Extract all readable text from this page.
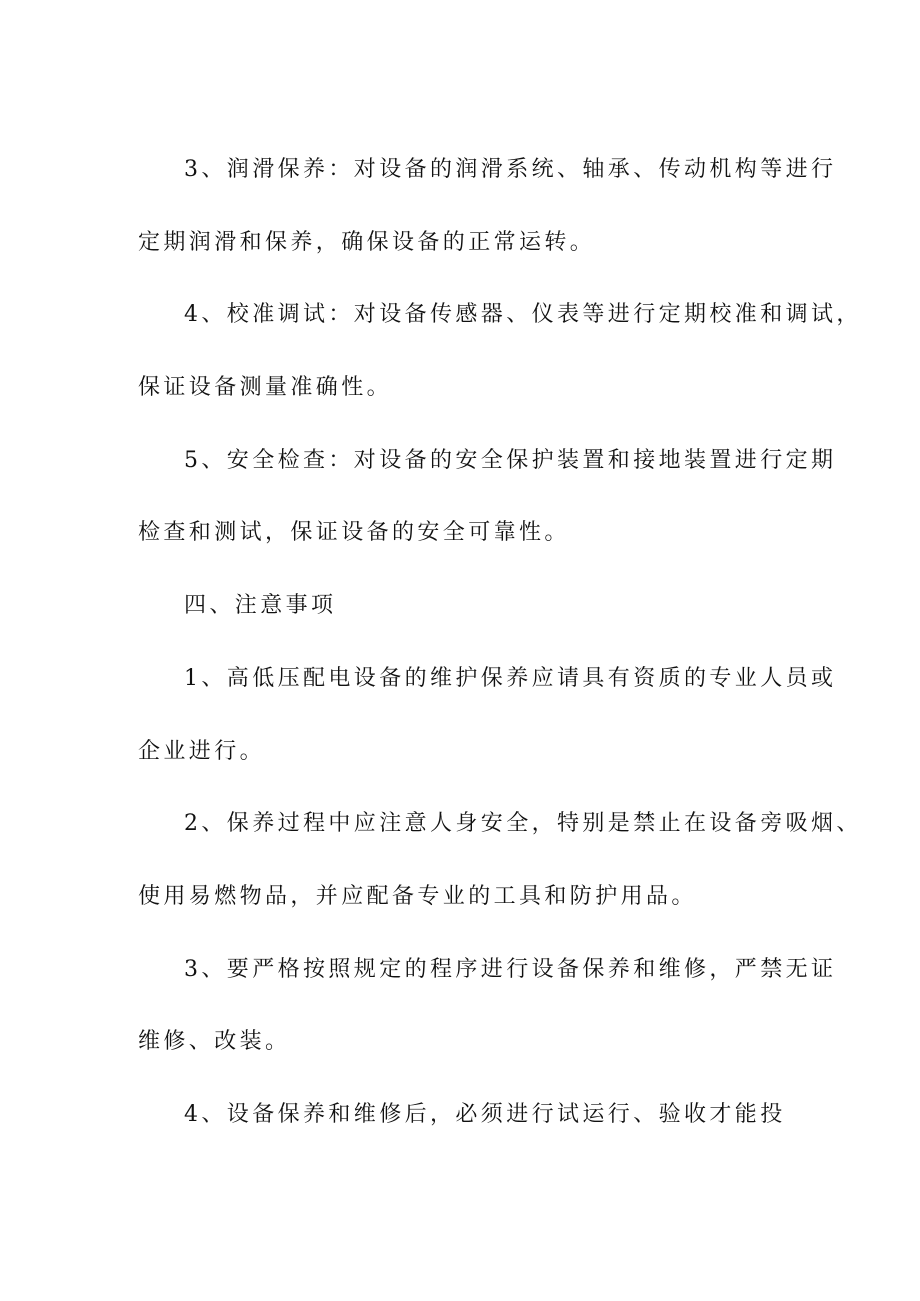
3、润滑保养：对设备的润滑系统、轴承、传动机构等进行
定期润滑和保养，确保设备的正常运转。
4、校准调试：对设备传感器、仪表等进行定期校准和调试，
保证设备测量准确性。
5、安全检查：对设备的安全保护装置和接地装置进行定期
检查和测试，保证设备的安全可靠性。
四、注意事项
1、高低压配电设备的维护保养应请具有资质的专业人员或
企业进行。
2、保养过程中应注意人身安全，特别是禁止在设备旁吸烟、
使用易燃物品，并应配备专业的工具和防护用品。
3、要严格按照规定的程序进行设备保养和维修，严禁无证
维修、改装。
4、设备保养和维修后，必须进行试运行、验收才能投
